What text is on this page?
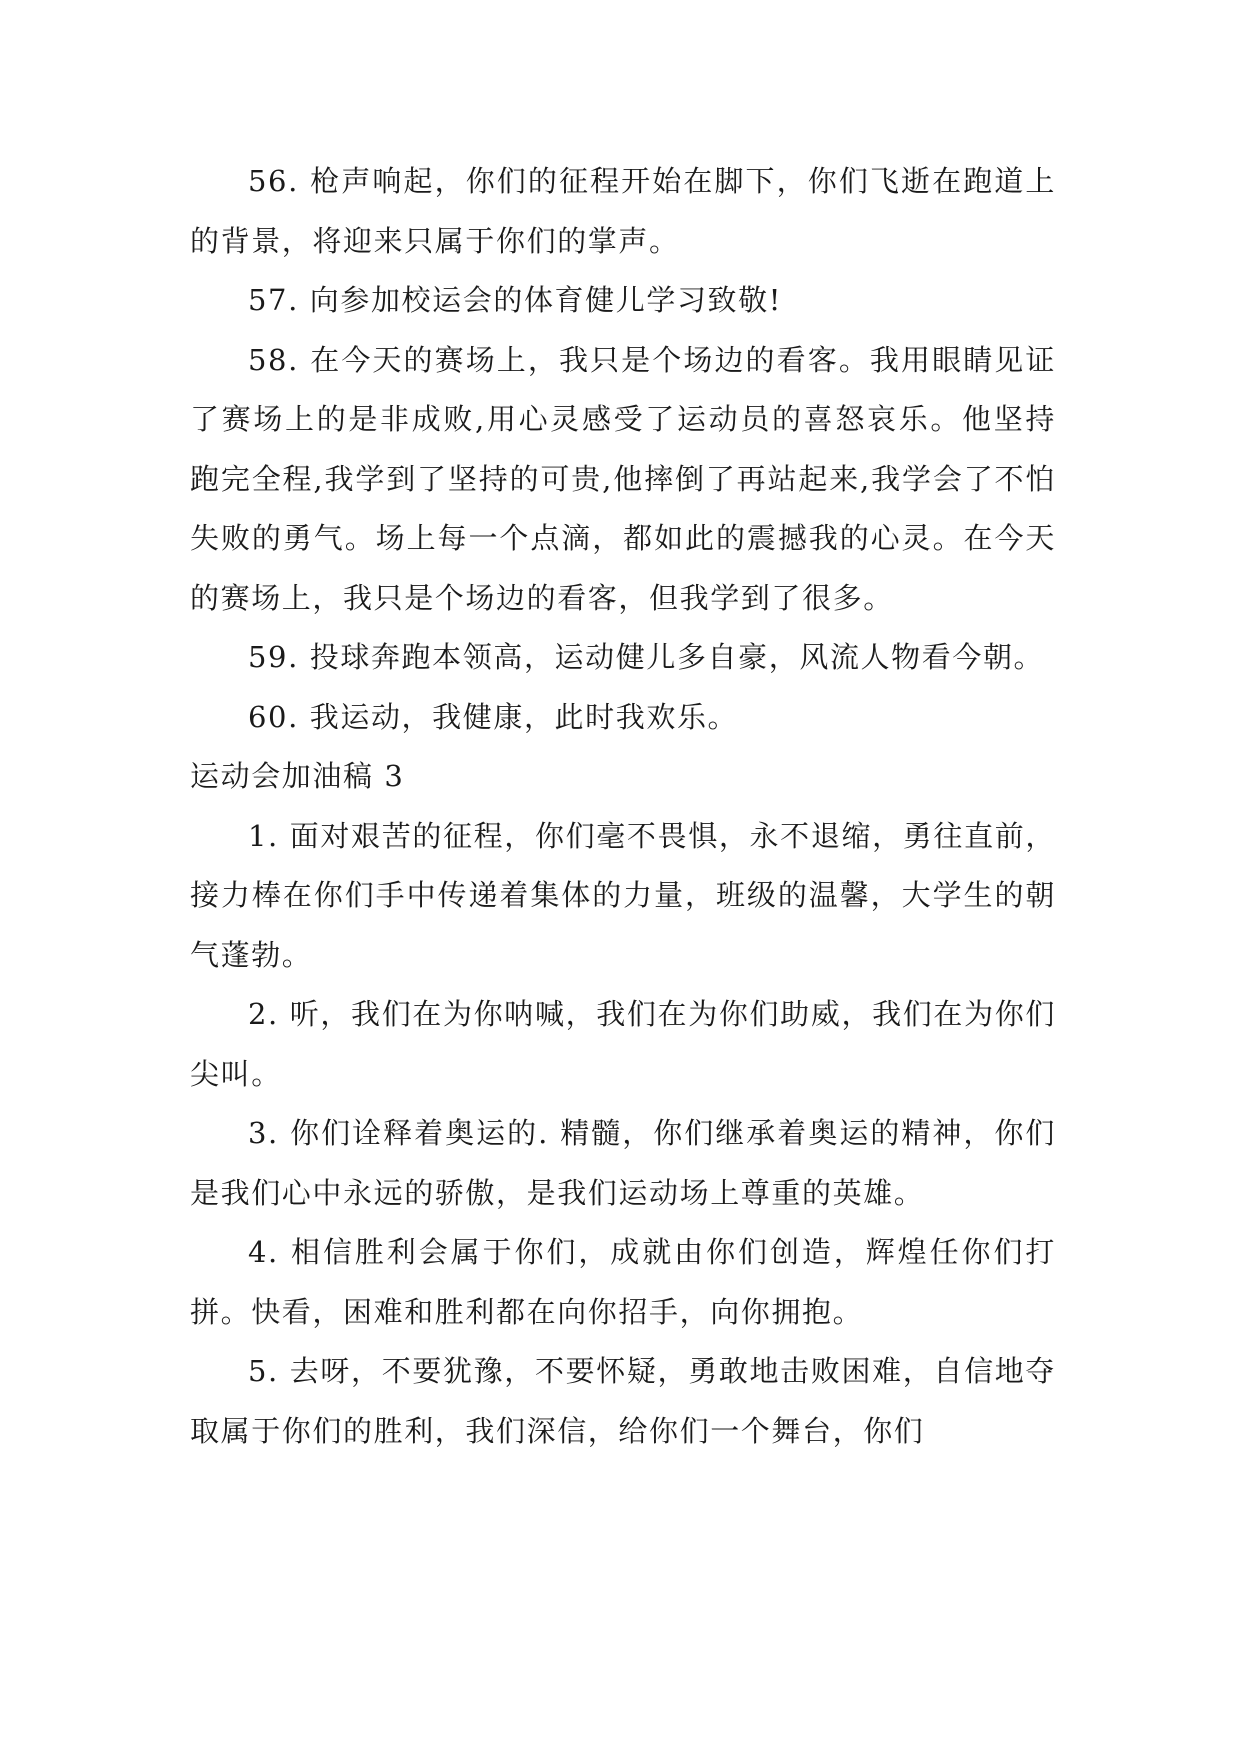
56. 枪声响起，你们的征程开始在脚下，你们飞逝在跑道上的背景，将迎来只属于你们的掌声。

57. 向参加校运会的体育健儿学习致敬!

58. 在今天的赛场上，我只是个场边的看客。我用眼睛见证了赛场上的是非成败,用心灵感受了运动员的喜怒哀乐。他坚持跑完全程,我学到了坚持的可贵,他摔倒了再站起来,我学会了不怕失败的勇气。场上每一个点滴，都如此的震撼我的心灵。在今天的赛场上，我只是个场边的看客，但我学到了很多。

59. 投球奔跑本领高，运动健儿多自豪，风流人物看今朝。

60. 我运动，我健康，此时我欢乐。

运动会加油稿 3

1. 面对艰苦的征程，你们毫不畏惧，永不退缩，勇往直前，接力棒在你们手中传递着集体的力量，班级的温馨，大学生的朝气蓬勃。

2. 听，我们在为你呐喊，我们在为你们助威，我们在为你们尖叫。

3. 你们诠释着奥运的. 精髓，你们继承着奥运的精神，你们是我们心中永远的骄傲，是我们运动场上尊重的英雄。

4. 相信胜利会属于你们，成就由你们创造，辉煌任你们打拼。快看，困难和胜利都在向你招手，向你拥抱。

5. 去呀，不要犹豫，不要怀疑，勇敢地击败困难，自信地夺取属于你们的胜利，我们深信，给你们一个舞台，你们
